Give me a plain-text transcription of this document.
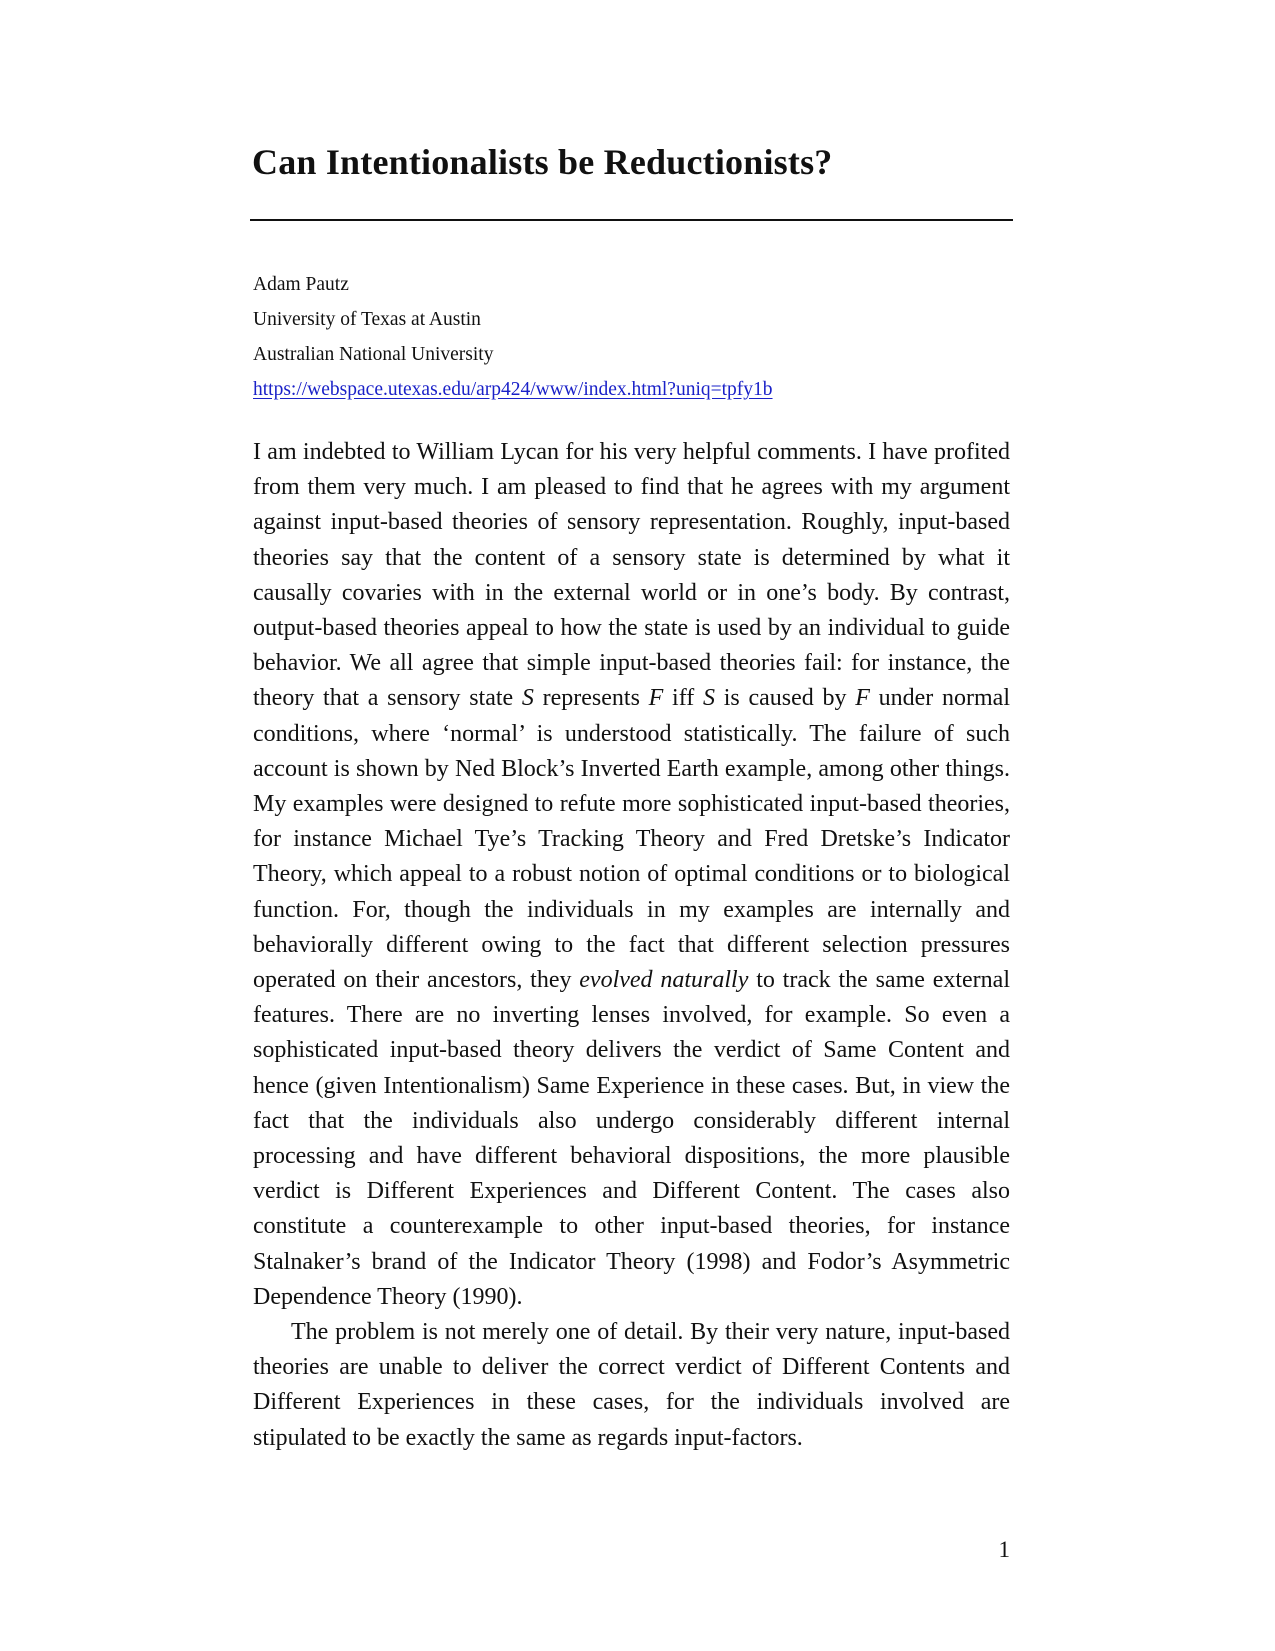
Can Intentionalists be Reductionists?
Adam Pautz
University of Texas at Austin
Australian National University
https://webspace.utexas.edu/arp424/www/index.html?uniq=tpfy1b

I am indebted to William Lycan for his very helpful comments. I have profited from them very much. I am pleased to find that he agrees with my argument against input-based theories of sensory representation. Roughly, input-based theories say that the content of a sensory state is determined by what it causally covaries with in the external world or in one’s body. By contrast, output-based theories appeal to how the state is used by an individual to guide behavior. We all agree that simple input-based theories fail: for instance, the theory that a sensory state S represents F iff S is caused by F under normal conditions, where ‘normal’ is understood statistically. The failure of such account is shown by Ned Block’s Inverted Earth example, among other things. My examples were designed to refute more sophisticated input-based theories, for instance Michael Tye’s Tracking Theory and Fred Dretske’s Indicator Theory, which appeal to a robust notion of optimal conditions or to biological function. For, though the individuals in my examples are internally and behaviorally different owing to the fact that different selection pressures operated on their ancestors, they evolved naturally to track the same external features. There are no inverting lenses involved, for example. So even a sophisticated input-based theory delivers the verdict of Same Content and hence (given Intentionalism) Same Experience in these cases. But, in view the fact that the individuals also undergo considerably different internal processing and have different behavioral dispositions, the more plausible verdict is Different Experiences and Different Content. The cases also constitute a counterexample to other input-based theories, for instance Stalnaker’s brand of the Indicator Theory (1998) and Fodor’s Asymmetric Dependence Theory (1990).

The problem is not merely one of detail. By their very nature, input-based theories are unable to deliver the correct verdict of Different Contents and Different Experiences in these cases, for the individuals involved are stipulated to be exactly the same as regards input-factors.

1
